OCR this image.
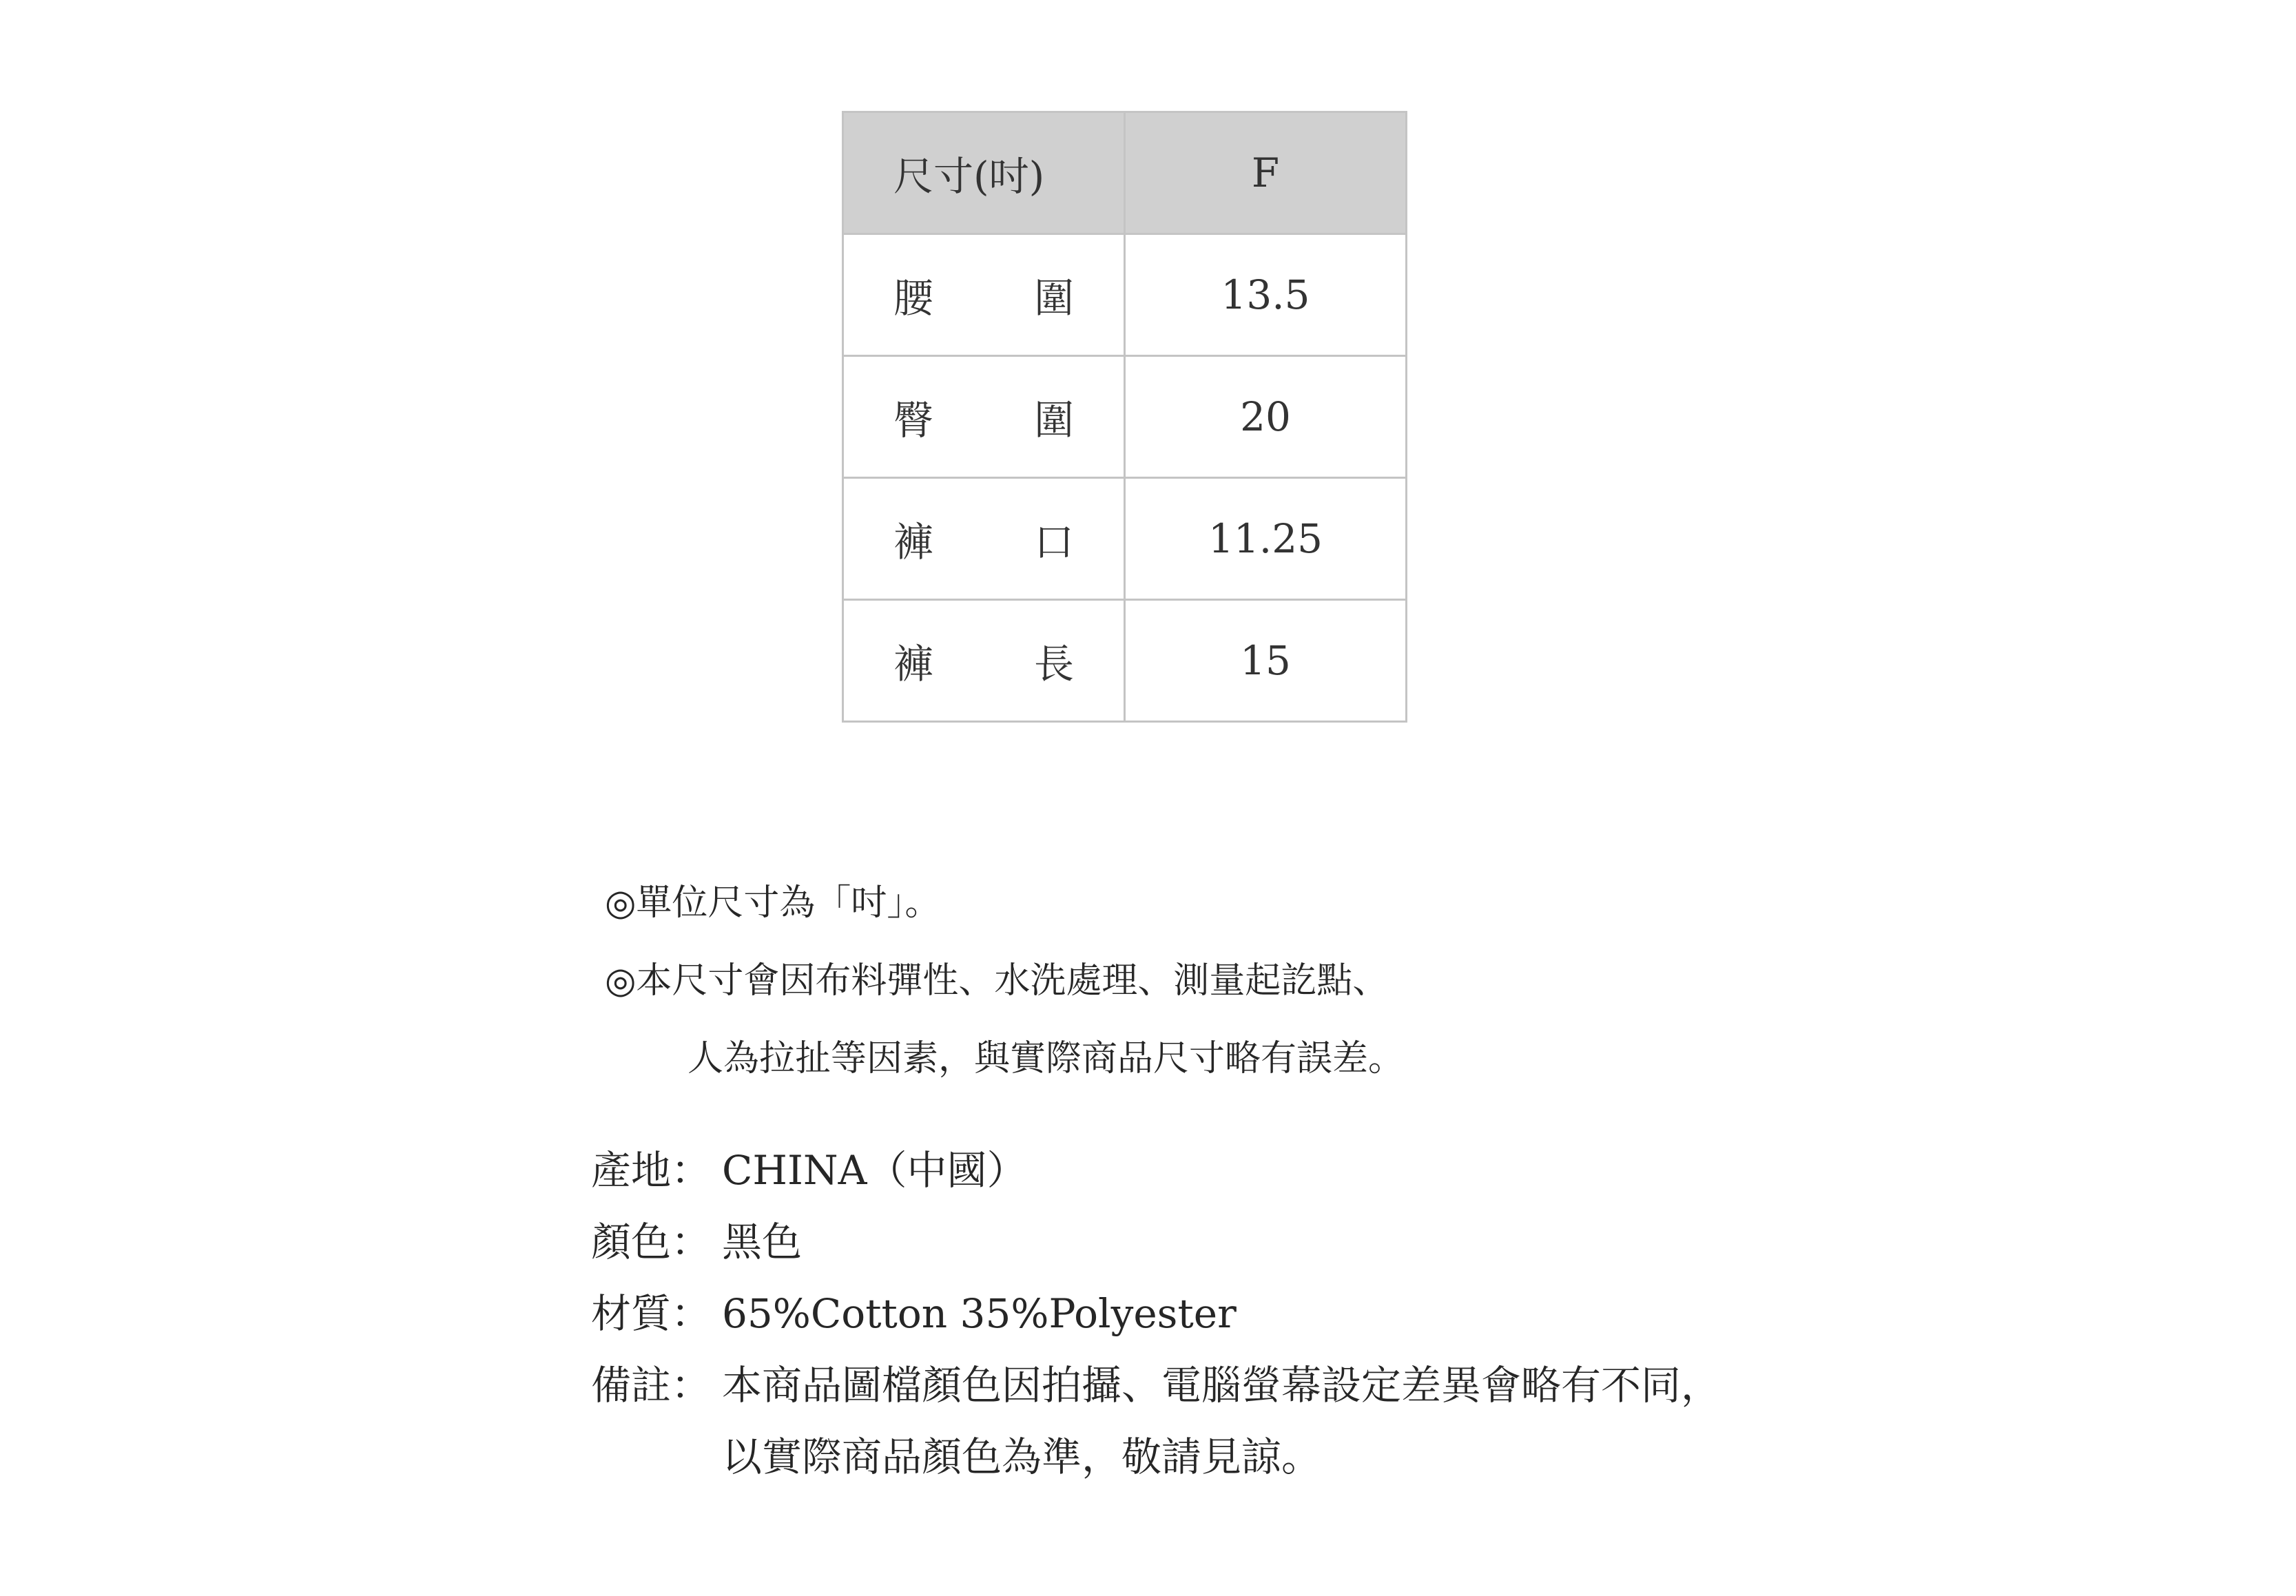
尺寸(吋)	F

腰 圍	13.5

臀 圍	20

褲 口	11.25

褲 長	15
◎單位尺寸為「吋」。
◎本尺寸會因布料彈性、水洗處理、測量起訖點、
人為拉扯等因素，與實際商品尺寸略有誤差。
產地： CHINA（中國）
顏色： 黑色
材質： 65%Cotton 35%Polyester
備註： 本商品圖檔顏色因拍攝、電腦螢幕設定差異會略有不同，
以實際商品顏色為準，敬請見諒。
